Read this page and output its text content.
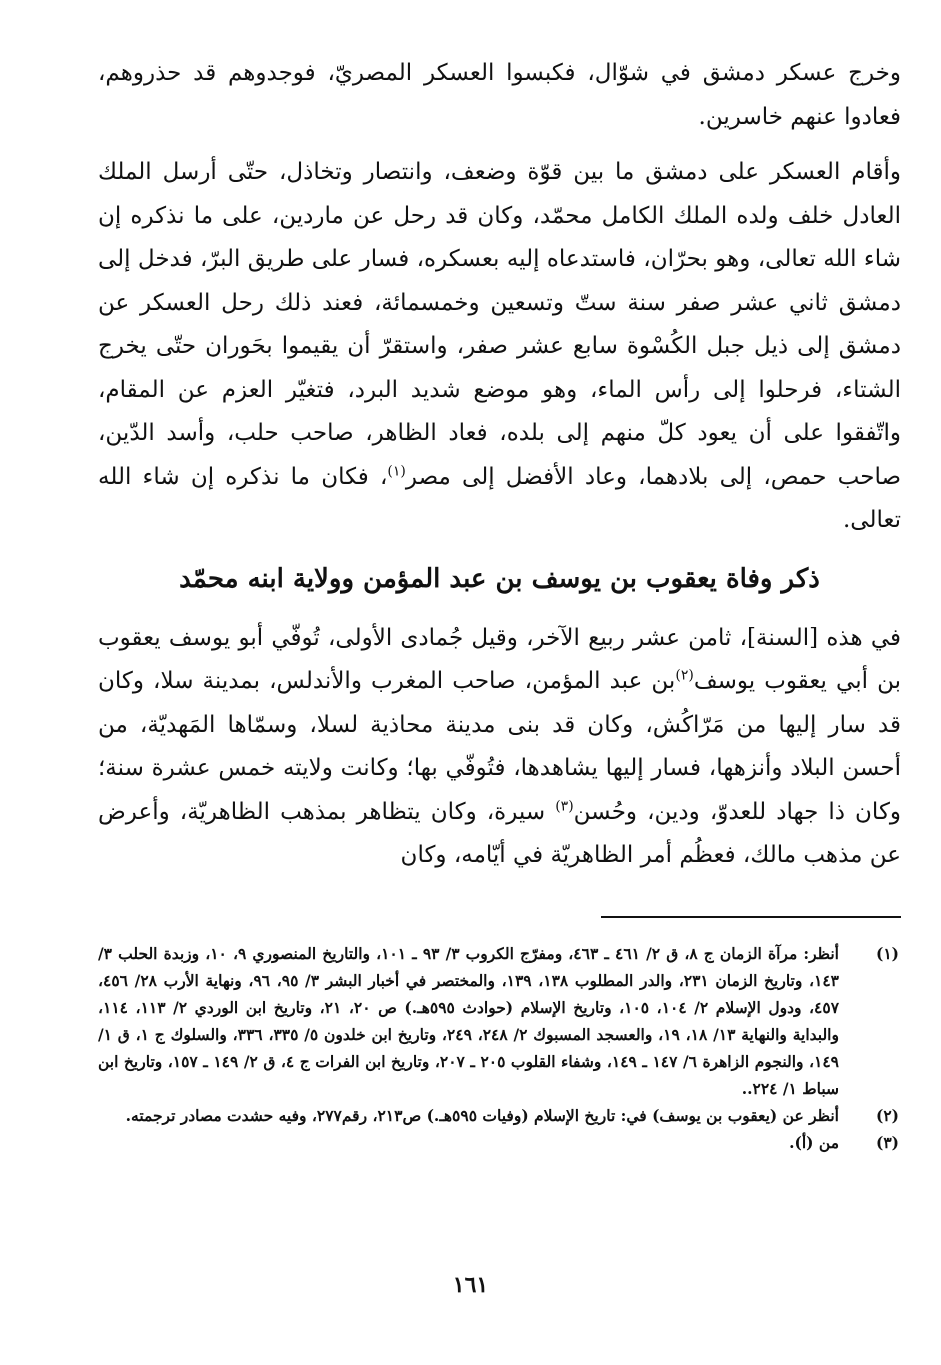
وخرج عسكر دمشق في شوّال، فكبسوا العسكر المصريّ، فوجدوهم قد حذروهم، فعادوا عنهم خاسرين.

وأقام العسكر على دمشق ما بين قوّة وضعف، وانتصار وتخاذل، حتّى أرسل الملك العادل خلف ولده الملك الكامل محمّد، وكان قد رحل عن ماردين، على ما نذكره إن شاء الله تعالى، وهو بحرّان، فاستدعاه إليه بعسكره، فسار على طريق البرّ، فدخل إلى دمشق ثاني عشر صفر سنة ستّ وتسعين وخمسمائة، فعند ذلك رحل العسكر عن دمشق إلى ذيل جبل الكُسْوة سابع عشر صفر، واستقرّ أن يقيموا بحَوران حتّى يخرج الشتاء، فرحلوا إلى رأس الماء، وهو موضع شديد البرد، فتغيّر العزم عن المقام، واتّفقوا على أن يعود كلّ منهم إلى بلده، فعاد الظاهر، صاحب حلب، وأسد الدّين، صاحب حمص، إلى بلادهما، وعاد الأفضل إلى مصر$^{(١)}$، فكان ما نذكره إن شاء الله تعالى.

ذكر وفاة يعقوب بن يوسف بن عبد المؤمن وولاية ابنه محمّد

في هذه [السنة]، ثامن عشر ربيع الآخر، وقيل جُمادى الأولى، تُوفّي أبو يوسف يعقوب بن أبي يعقوب يوسف$^{(٢)}$بن عبد المؤمن، صاحب المغرب والأندلس، بمدينة سلا، وكان قد سار إليها من مَرّاكُش، وكان قد بنى مدينة محاذية لسلا، وسمّاها المَهديّة، من أحسن البلاد وأنزهها، فسار إليها يشاهدها، فتُوفّي بها؛ وكانت ولايته خمس عشرة سنة؛ وكان ذا جهاد للعدوّ، ودين، وحُسن$^{(٣)}$ سيرة، وكان يتظاهر بمذهب الظاهريّة، وأعرض عن مذهب مالك، فعظُم أمر الظاهريّة في أيّامه، وكان

(١)
أنظر: مرآة الزمان ج ٨، ق ٢/ ٤٦١ ـ ٤٦٣، ومفرّج الكروب ٣/ ٩٣ ـ ١٠١، والتاريخ المنصوري ٩، ١٠، وزبدة الحلب ٣/ ١٤٣، وتاريخ الزمان ٢٣١، والدر المطلوب ١٣٨، ١٣٩، والمختصر في أخبار البشر ٣/ ٩٥، ٩٦، ونهاية الأرب ٢٨/ ٤٥٦، ٤٥٧، ودول الإسلام ٢/ ١٠٤، ١٠٥، وتاريخ الإسلام (حوادث ٥٩٥هـ.) ص ٢٠، ٢١، وتاريخ ابن الوردي ٢/ ١١٣، ١١٤، والبداية والنهاية ١٣/ ١٨، ١٩، والعسجد المسبوك ٢/ ٢٤٨، ٢٤٩، وتاريخ ابن خلدون ٥/ ٣٣٥، ٣٣٦، والسلوك ج ١، ق ١/ ١٤٩، والنجوم الزاهرة ٦/ ١٤٧ ـ ١٤٩، وشفاء القلوب ٢٠٥ ـ ٢٠٧، وتاريخ ابن الفرات ج ٤، ق ٢/ ١٤٩ ـ ١٥٧، وتاريخ ابن سباط ١/ ٢٢٤..
(٢)
أنظر عن (يعقوب بن يوسف) في: تاريخ الإسلام (وفيات ٥٩٥هـ.) ص٢١٣، رقم٢٧٧، وفيه حشدت مصادر ترجمته.
(٣)
من (أ).
١٦١
